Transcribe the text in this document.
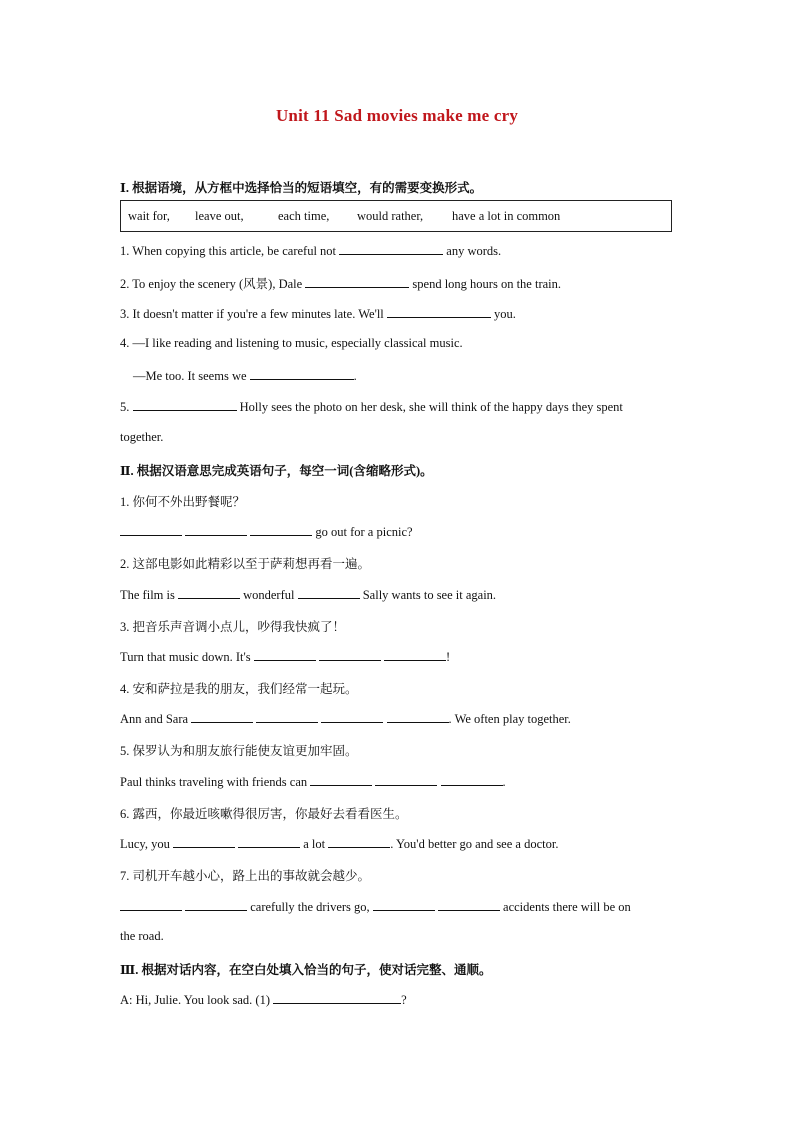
Unit 11 Sad movies make me cry
Ⅰ. 根据语境，从方框中选择恰当的短语填空，有的需要变换形式。
wait for, leave out,	each time, would rather, have a lot in common
1. When copying this article, be careful not	any words.
2. To enjoy the scenery (风景), Dale	spend long hours on the train.
3. It doesn't matter if you're a few minutes late. We'll	you.
4. —I like reading and listening to music, especially classical music.
—Me too. It seems we	.
5.	Holly sees the photo on her desk, she will think of the happy days they spent
together.
Ⅱ. 根据汉语意思完成英语句子，每空一词(含缩略形式)。
1. 你何不外出野餐呢？
go out for a picnic?
2. 这部电影如此精彩以至于萨莉想再看一遍。
The film is	wonderful	Sally wants to see it again.
3. 把音乐声音调小点儿，吵得我快疯了！
Turn that music down. It's	!
4. 安和萨拉是我的朋友，我们经常一起玩。
Ann and Sara	. We often play together.
5. 保罗认为和朋友旅行能使友谊更加牢固。
Paul thinks traveling with friends can	.
6. 露西，你最近咳嗽得很厉害，你最好去看看医生。
Lucy, you	a lot	. You'd better go and see a doctor.
7. 司机开车越小心，路上出的事故就会越少。
carefully the drivers go,	accidents there will be on
the road.
Ⅲ. 根据对话内容，在空白处填入恰当的句子，使对话完整、通顺。
A: Hi, Julie. You look sad. (1)	?
